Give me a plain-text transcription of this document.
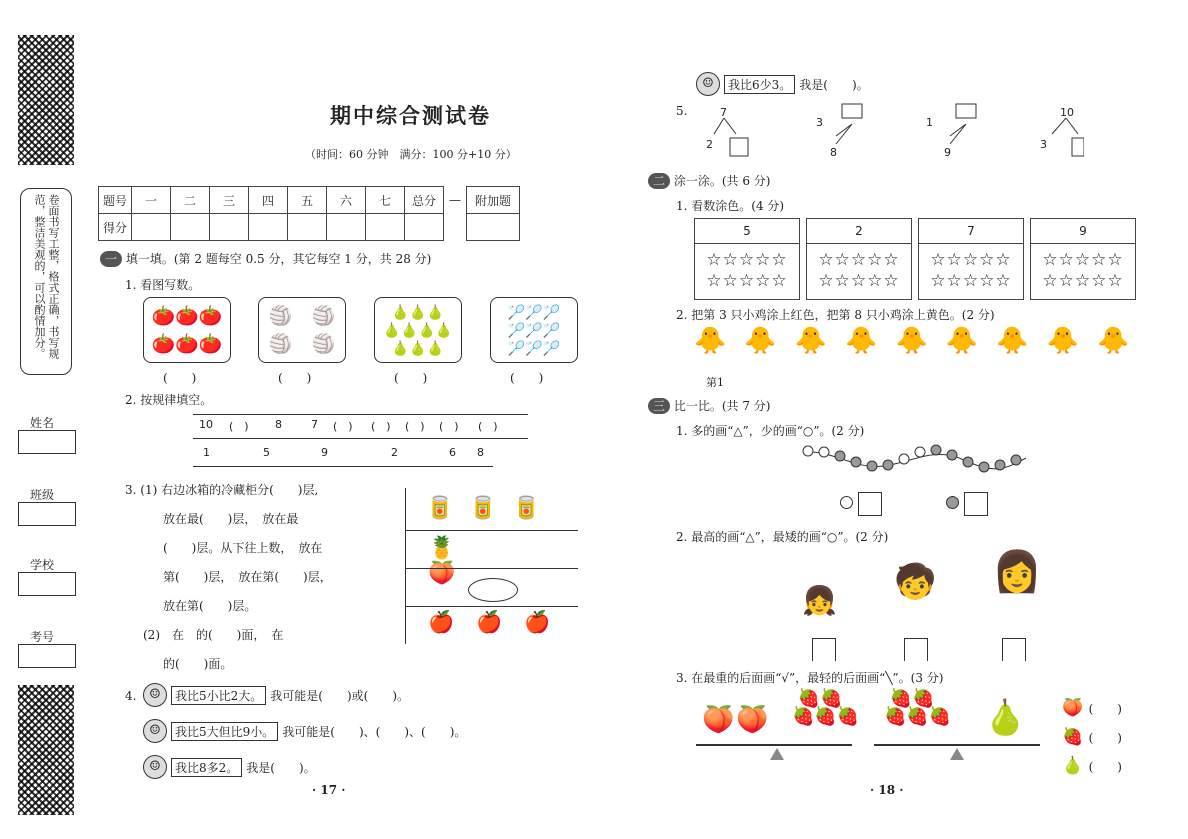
卷面书写工整，格式正确，书写规范，整洁美观的，可以酌情加分。
姓名
班级
学校
考号
期中综合测试卷
（时间：60 分钟　满分：100 分+10 分）
题号	一	二	三	四	五	六	七	总分	—	附加题
得分										
一 填一填。(第 2 题每空 0.5 分，其它每空 1 分，共 28 分)
1. 看图写数。
🍅🍅🍅
🍅🍅🍅
🏐　🏐
🏐　🏐
🍐🍐🍐
🍐🍐🍐🍐
🍐🍐🍐
🏸🏸🏸
🏸🏸🏸
🏸🏸🏸
(　　)	(　　)	(　　)	(　　)
2. 按规律填空。
10 (　) 8	7 (　) (　) (　) (　) (　)
1	5	9	2	6 8
3. (1) 右边冰箱的冷藏柜分(　　)层,
放在最(　　)层，　放在最
(　　)层。从下往上数，　放在
第(　　)层，　放在第(　　)层，
放在第(　　)层。
(2)　在　的(　　)面，　在
的(　　)面。
🥫🥫🥫
🍍🍑
🍎🍎🍎
4. ☺	我比5小比2大。 我可能是(　　)或(　　)。
☺	我比5大但比9小。 我可能是(　　)、(　　)、(　　)。
☺	我比8多2。 我是(　　)。
· 17 ·
☺	我比6少3。 我是(　　)。
5.	7
2
3
8
1
9
10
3
二 涂一涂。(共 6 分)
1. 看数涂色。(4 分)
5
☆☆☆☆☆
☆☆☆☆☆
2
☆☆☆☆☆
☆☆☆☆☆
7
☆☆☆☆☆
☆☆☆☆☆
9
☆☆☆☆☆
☆☆☆☆☆
2. 把第 3 只小鸡涂上红色，把第 8 只小鸡涂上黄色。(2 分)
🐥🐥🐥🐥🐥🐥🐥🐥🐥
第1
三 比一比。(共 7 分)
1. 多的画“△”，少的画“○”。(2 分)
2. 最高的画“△”，最矮的画“○”。(2 分)
👧 🧒 👩
3. 在最重的后面画“√”，最轻的后面画“╲”。(3 分)
🍑🍑
🍓🍓
🍓🍓🍓
🍓🍓
🍓🍓🍓 🍐 🍑 (　　)
🍓 (　　)
🍐 (　　)
· 18 ·
